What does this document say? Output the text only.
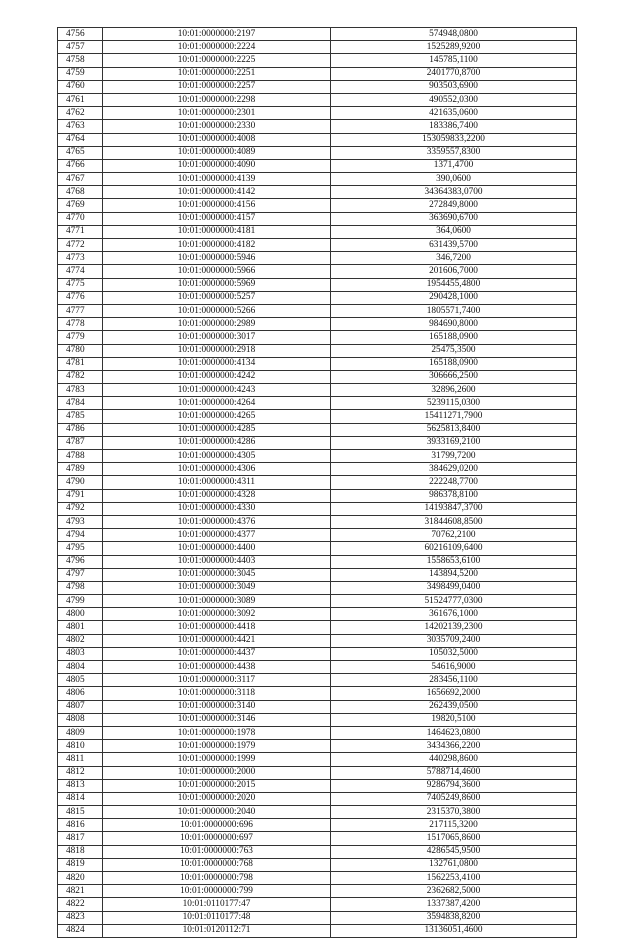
4756	10:01:0000000:2197	574948,0800
4757	10:01:0000000:2224	1525289,9200
4758	10:01:0000000:2225	145785,1100
4759	10:01:0000000:2251	2401770,8700
4760	10:01:0000000:2257	903503,6900
4761	10:01:0000000:2298	490552,0300
4762	10:01:0000000:2301	421635,0600
4763	10:01:0000000:2330	183386,7400
4764	10:01:0000000:4008	153059833,2200
4765	10:01:0000000:4089	3359557,8300
4766	10:01:0000000:4090	1371,4700
4767	10:01:0000000:4139	390,0600
4768	10:01:0000000:4142	34364383,0700
4769	10:01:0000000:4156	272849,8000
4770	10:01:0000000:4157	363690,6700
4771	10:01:0000000:4181	364,0600
4772	10:01:0000000:4182	631439,5700
4773	10:01:0000000:5946	346,7200
4774	10:01:0000000:5966	201606,7000
4775	10:01:0000000:5969	1954455,4800
4776	10:01:0000000:5257	290428,1000
4777	10:01:0000000:5266	1805571,7400
4778	10:01:0000000:2989	984690,8000
4779	10:01:0000000:3017	165188,0900
4780	10:01:0000000:2918	25475,3500
4781	10:01:0000000:4134	165188,0900
4782	10:01:0000000:4242	306666,2500
4783	10:01:0000000:4243	32896,2600
4784	10:01:0000000:4264	5239115,0300
4785	10:01:0000000:4265	15411271,7900
4786	10:01:0000000:4285	5625813,8400
4787	10:01:0000000:4286	3933169,2100
4788	10:01:0000000:4305	31799,7200
4789	10:01:0000000:4306	384629,0200
4790	10:01:0000000:4311	222248,7700
4791	10:01:0000000:4328	986378,8100
4792	10:01:0000000:4330	14193847,3700
4793	10:01:0000000:4376	31844608,8500
4794	10:01:0000000:4377	70762,2100
4795	10:01:0000000:4400	60216109,6400
4796	10:01:0000000:4403	1558653,6100
4797	10:01:0000000:3045	143894,5200
4798	10:01:0000000:3049	3498499,0400
4799	10:01:0000000:3089	51524777,0300
4800	10:01:0000000:3092	361676,1000
4801	10:01:0000000:4418	14202139,2300
4802	10:01:0000000:4421	3035709,2400
4803	10:01:0000000:4437	105032,5000
4804	10:01:0000000:4438	54616,9000
4805	10:01:0000000:3117	283456,1100
4806	10:01:0000000:3118	1656692,2000
4807	10:01:0000000:3140	262439,0500
4808	10:01:0000000:3146	19820,5100
4809	10:01:0000000:1978	1464623,0800
4810	10:01:0000000:1979	3434366,2200
4811	10:01:0000000:1999	440298,8600
4812	10:01:0000000:2000	5788714,4600
4813	10:01:0000000:2015	9286794,3600
4814	10:01:0000000:2020	7405249,8600
4815	10:01:0000000:2040	2315370,3800
4816	10:01:0000000:696	217115,3200
4817	10:01:0000000:697	1517065,8600
4818	10:01:0000000:763	4286545,9500
4819	10:01:0000000:768	132761,0800
4820	10:01:0000000:798	1562253,4100
4821	10:01:0000000:799	2362682,5000
4822	10:01:0110177:47	1337387,4200
4823	10:01:0110177:48	3594838,8200
4824	10:01:0120112:71	13136051,4600
